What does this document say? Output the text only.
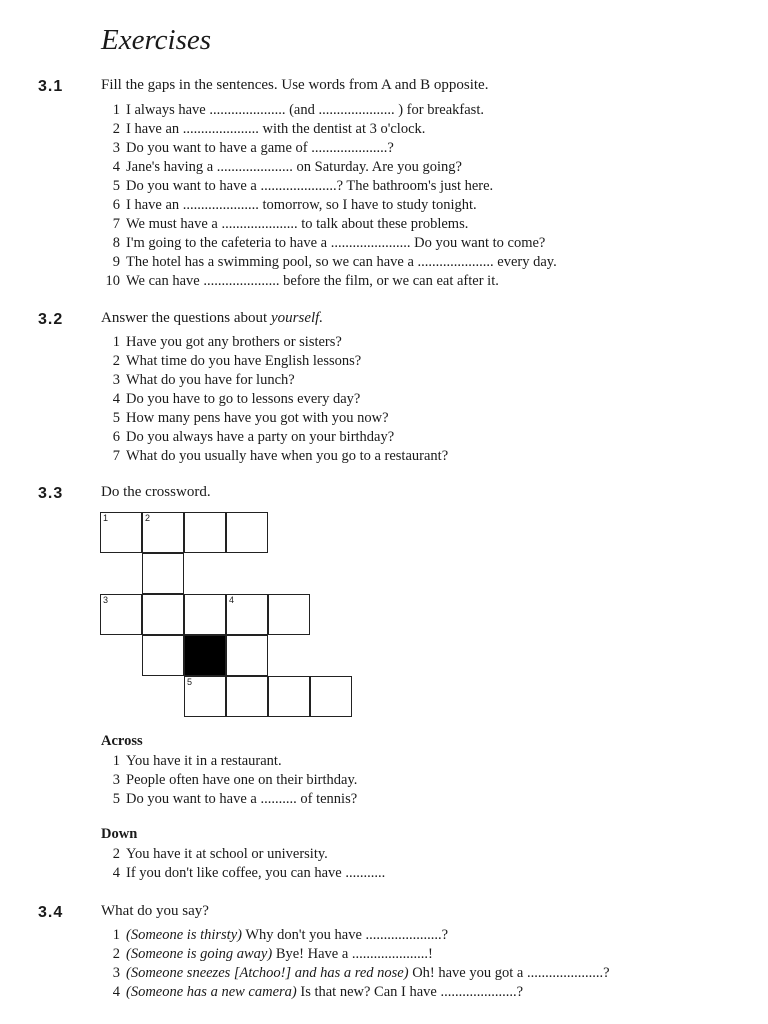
Exercises
3.1	Fill the gaps in the sentences. Use words from A and B opposite.
1 I always have ..................... (and ..................... ) for breakfast.
2 I have an ..................... with the dentist at 3 o'clock.
3 Do you want to have a game of .....................?
4 Jane's having a ..................... on Saturday. Are you going?
5 Do you want to have a .....................? The bathroom's just here.
6 I have an ..................... tomorrow, so I have to study tonight.
7 We must have a ..................... to talk about these problems.
8 I'm going to the cafeteria to have a ...................... Do you want to come?
9 The hotel has a swimming pool, so we can have a ..................... every day.
10 We can have ..................... before the film, or we can eat after it.
3.2	Answer the questions about yourself.
1 Have you got any brothers or sisters?
2 What time do you have English lessons?
3 What do you have for lunch?
4 Do you have to go to lessons every day?
5 How many pens have you got with you now?
6 Do you always have a party on your birthday?
7 What do you usually have when you go to a restaurant?
3.3	Do the crossword.
1	2
3	4
5
Across
1 You have it in a restaurant.
3 People often have one on their birthday.
5 Do you want to have a .......... of tennis?
Down
2 You have it at school or university.
4 If you don't like coffee, you can have ...........
3.4	What do you say?
1 (Someone is thirsty) Why don't you have .....................?
2 (Someone is going away) Bye! Have a .....................!
3 (Someone sneezes [Atchoo!] and has a red nose) Oh! have you got a .....................?
4 (Someone has a new camera) Is that new? Can I have .....................?
